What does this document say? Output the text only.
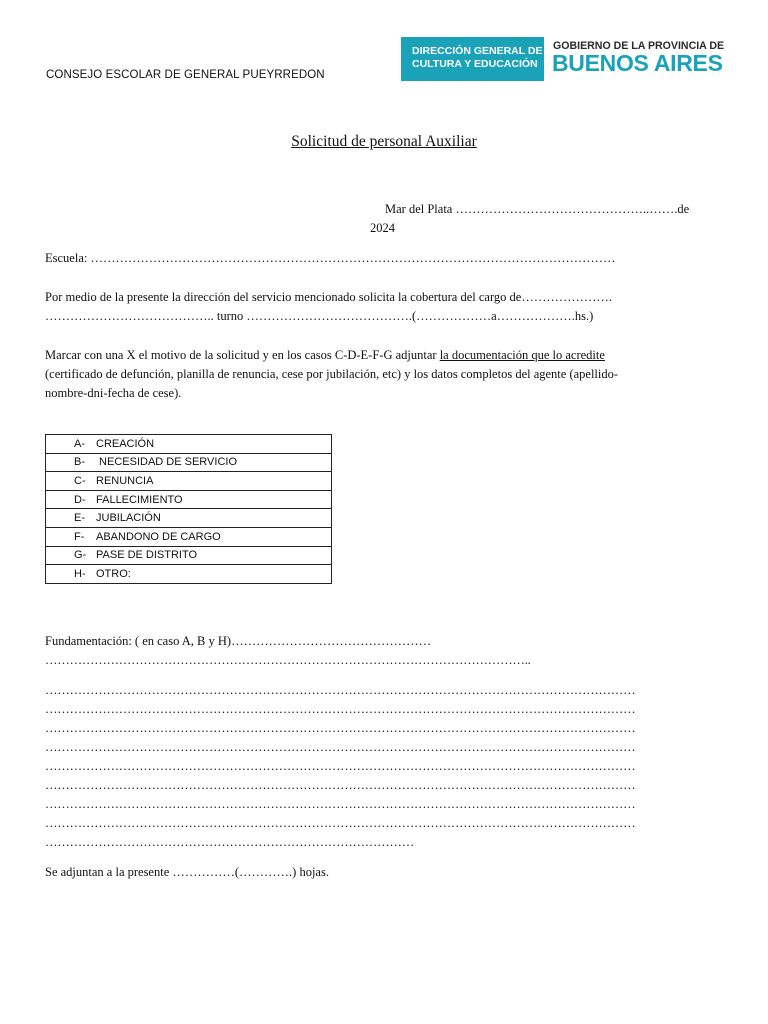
CONSEJO ESCOLAR DE GENERAL PUEYRREDON
DIRECCIÓN GENERAL DE
CULTURA Y EDUCACIÓN
GOBIERNO DE LA PROVINCIA DE
BUENOS AIRES
Solicitud de personal Auxiliar
Mar del Plata ………………………………………..…….de
2024
Escuela: ………………………………………………………………………………………………………………
Por medio de la presente la dirección del servicio mencionado solicita la cobertura del cargo de………………….
………………………………….. turno ………………………………….(………………a……………….hs.)
Marcar con una X el motivo de la solicitud y en los casos C-D-E-F-G adjuntar la documentación que lo acredite
(certificado de defunción, planilla de renuncia, cese por jubilación, etc) y los datos completos del agente (apellido-
nombre-dni-fecha de cese).
A- CREACIÓN
B- NECESIDAD DE SERVICIO
C- RENUNCIA
D- FALLECIMIENTO
E- JUBILACIÓN
F- ABANDONO DE CARGO
G- PASE DE DISTRITO
H- OTRO:
Fundamentación: ( en caso A, B y H)…………………………………………
………………………………………………………………………………………………………..
………………………………………………………………………………………………………………………………
………………………………………………………………………………………………………………………………
………………………………………………………………………………………………………………………………
………………………………………………………………………………………………………………………………
………………………………………………………………………………………………………………………………
………………………………………………………………………………………………………………………………
………………………………………………………………………………………………………………………………
………………………………………………………………………………………………………………………………
………………………………………………………………………………
Se adjuntan a la presente ……………(………….) hojas.
